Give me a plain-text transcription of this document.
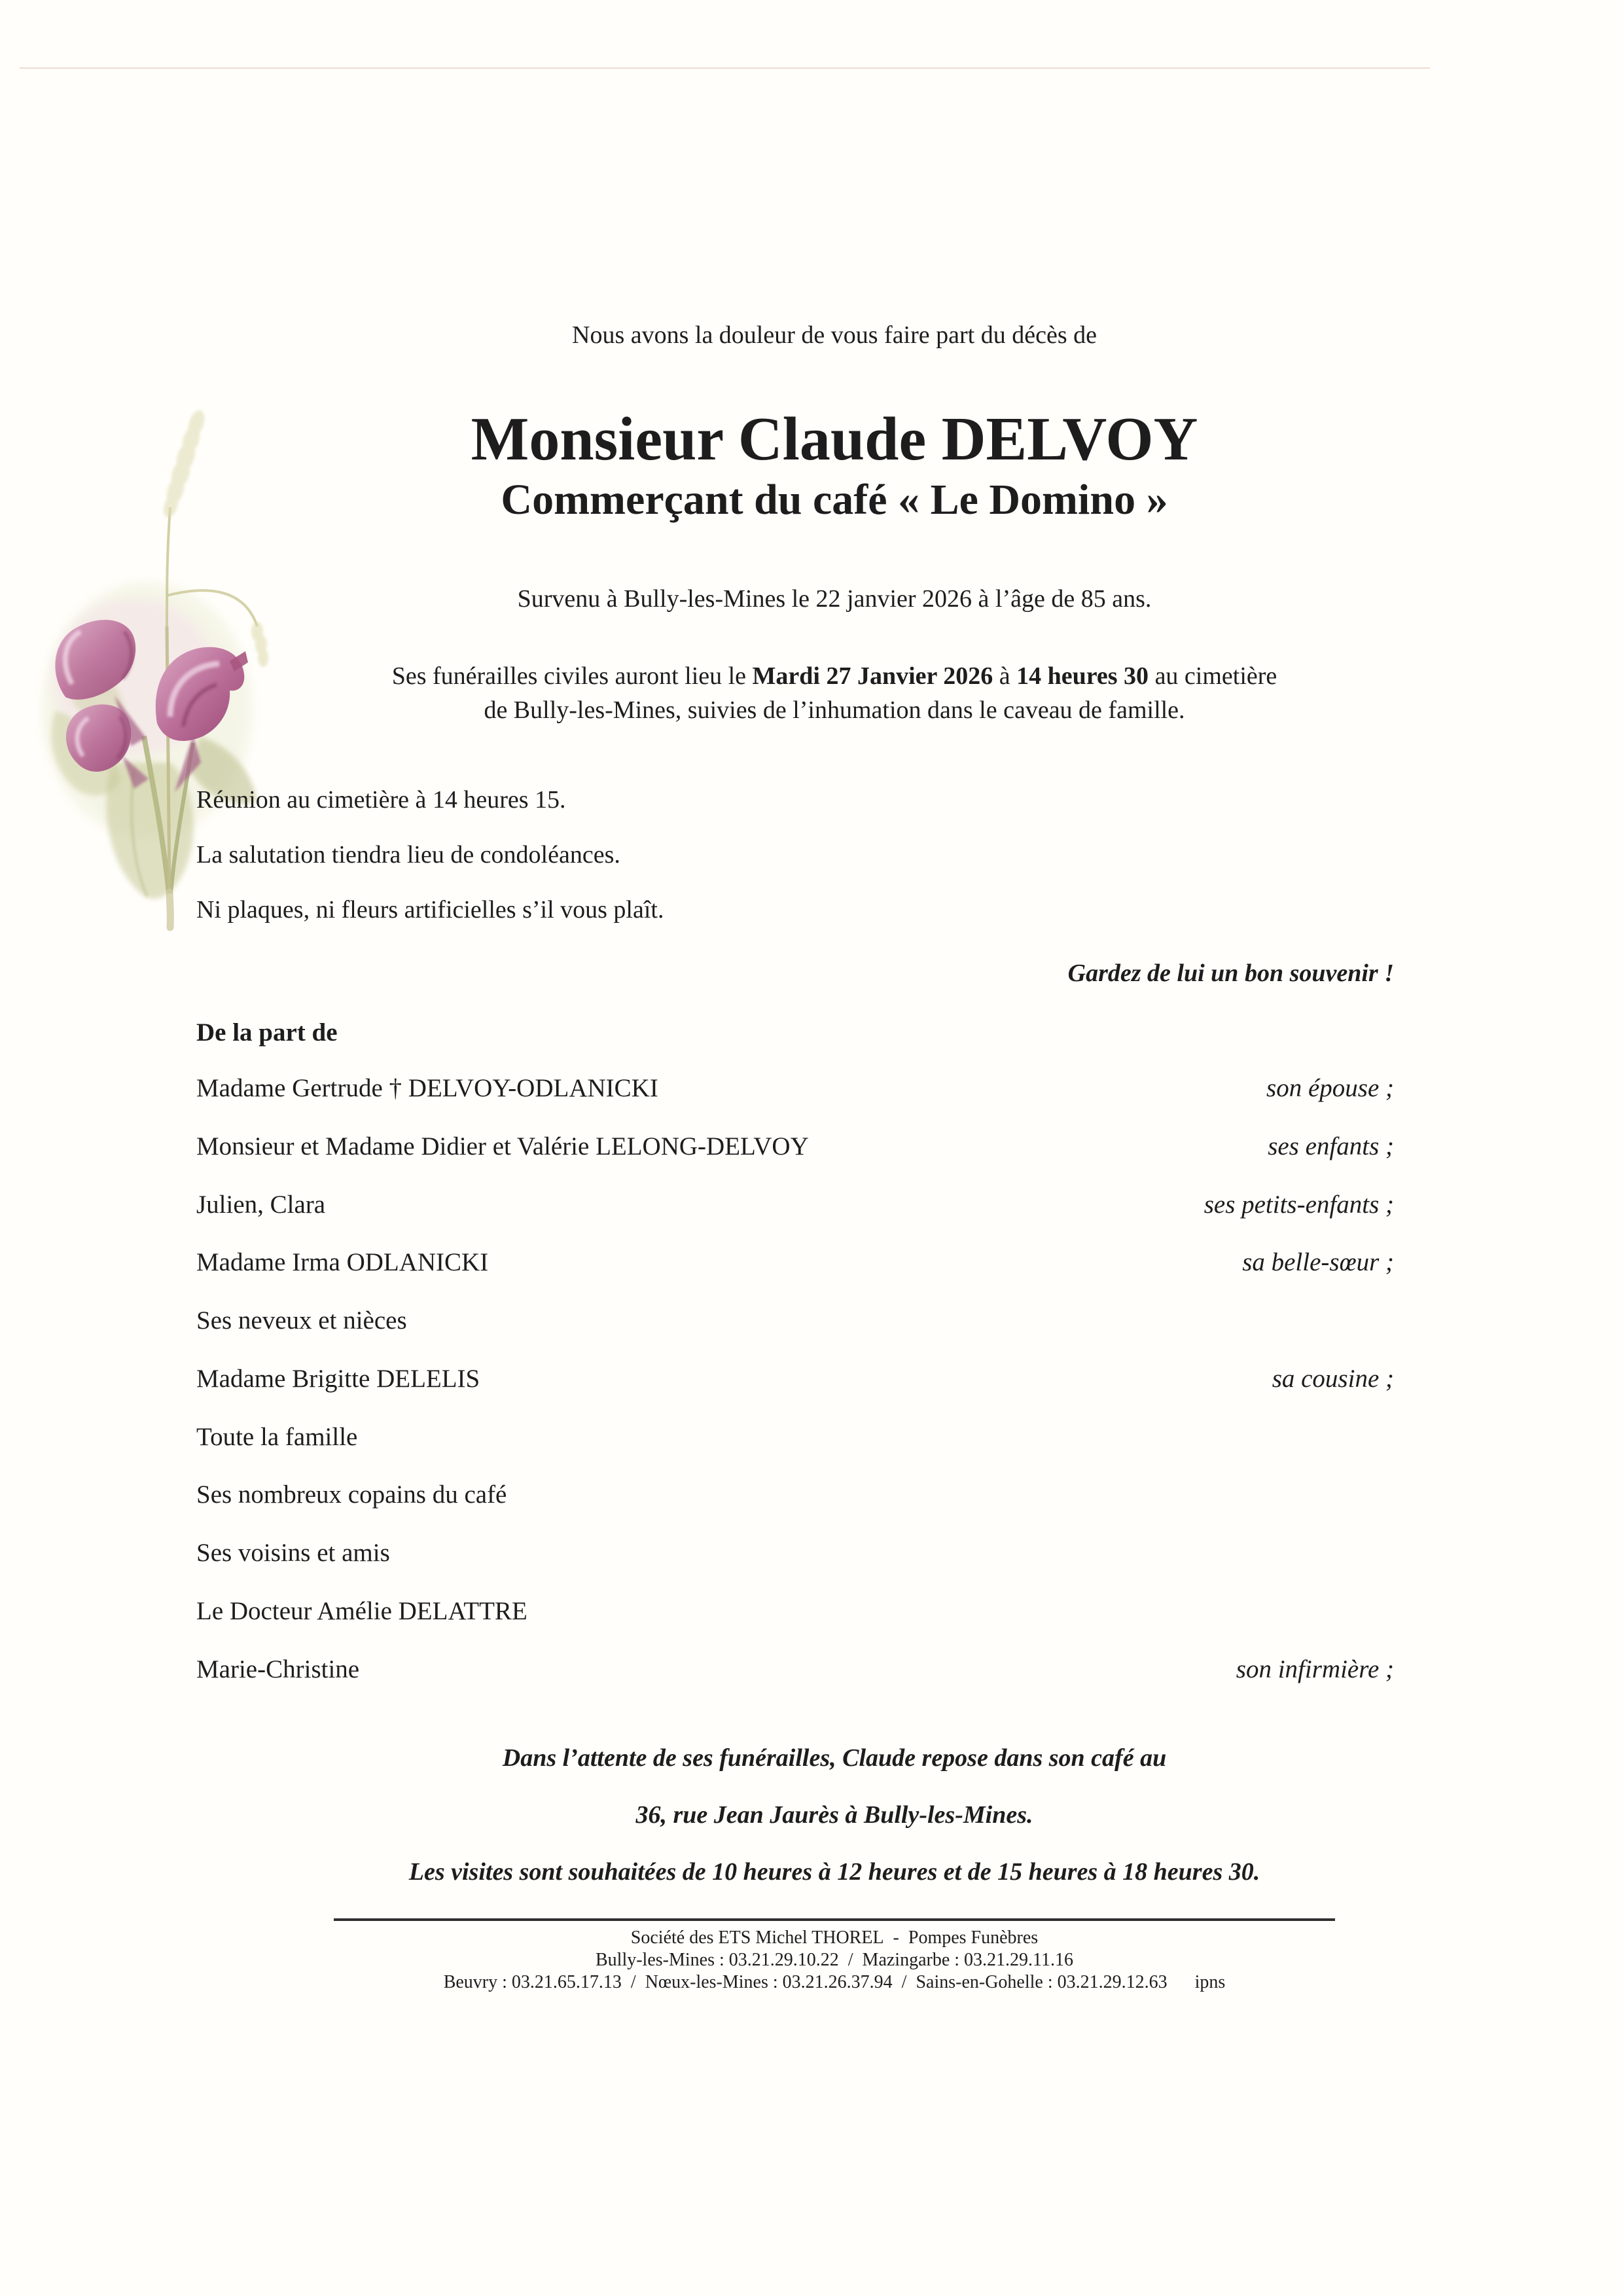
Nous avons la douleur de vous faire part du décès de
Monsieur Claude DELVOY
Commerçant du café « Le Domino »
Survenu à Bully-les-Mines le 22 janvier 2026 à l’âge de 85 ans.
Ses funérailles civiles auront lieu le Mardi 27 Janvier 2026 à 14 heures 30 au cimetière
de Bully-les-Mines, suivies de l’inhumation dans le caveau de famille.
Réunion au cimetière à 14 heures 15.
La salutation tiendra lieu de condoléances.
Ni plaques, ni fleurs artificielles s’il vous plaît.
Gardez de lui un bon souvenir !
De la part de
Madame Gertrude † DELVOY-ODLANICKI	son épouse ;
Monsieur et Madame Didier et Valérie LELONG-DELVOY	ses enfants ;
Julien, Clara	ses petits-enfants ;
Madame Irma ODLANICKI	sa belle-sœur ;
Ses neveux et nièces
Madame Brigitte DELELIS	sa cousine ;
Toute la famille
Ses nombreux copains du café
Ses voisins et amis
Le Docteur Amélie DELATTRE
Marie-Christine	son infirmière ;
Dans l’attente de ses funérailles, Claude repose dans son café au
36, rue Jean Jaurès à Bully-les-Mines.
Les visites sont souhaitées de 10 heures à 12 heures et de 15 heures à 18 heures 30.
Société des ETS Michel THOREL - Pompes Funèbres
Bully-les-Mines : 03.21.29.10.22 / Mazingarbe : 03.21.29.11.16
Beuvry : 03.21.65.17.13 / Nœux-les-Mines : 03.21.26.37.94 / Sains-en-Gohelle : 03.21.29.12.63 ipns
